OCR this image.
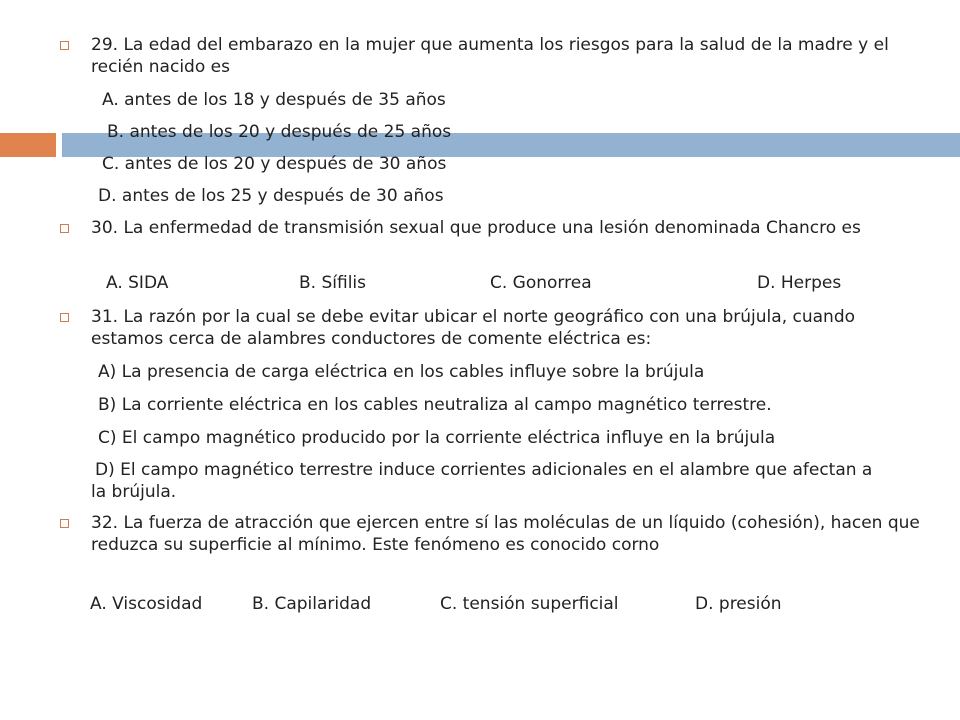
29. La edad del embarazo en la mujer que aumenta los riesgos para la salud de la madre y el recién nacido es
A. antes de los 18 y después de 35 años
B. antes de los 20 y después de 25 años
C. antes de los 20 y después de 30 años
D. antes de los 25 y después de 30 años
30. La enfermedad de transmisión sexual que produce una lesión denominada Chancro es
A. SIDA	B. Sífilis	C. Gonorrea	D. Herpes
31. La razón por la cual se debe evitar ubicar el norte geográfico con una brújula, cuando estamos cerca de alambres conductores de comente eléctrica es:
A) La presencia de carga eléctrica en los cables influye sobre la brújula
B) La corriente eléctrica en los cables neutraliza al campo magnético terrestre.
C) El campo magnético producido por la corriente eléctrica influye en la brújula
D) El campo magnético terrestre induce corrientes adicionales en el alambre que afectan a la brújula.
32. La fuerza de atracción que ejercen entre sí las moléculas de un líquido (cohesión), hacen que reduzca su superficie al mínimo. Este fenómeno es conocido corno
A. Viscosidad	B. Capilaridad	C. tensión superficial	D. presión
